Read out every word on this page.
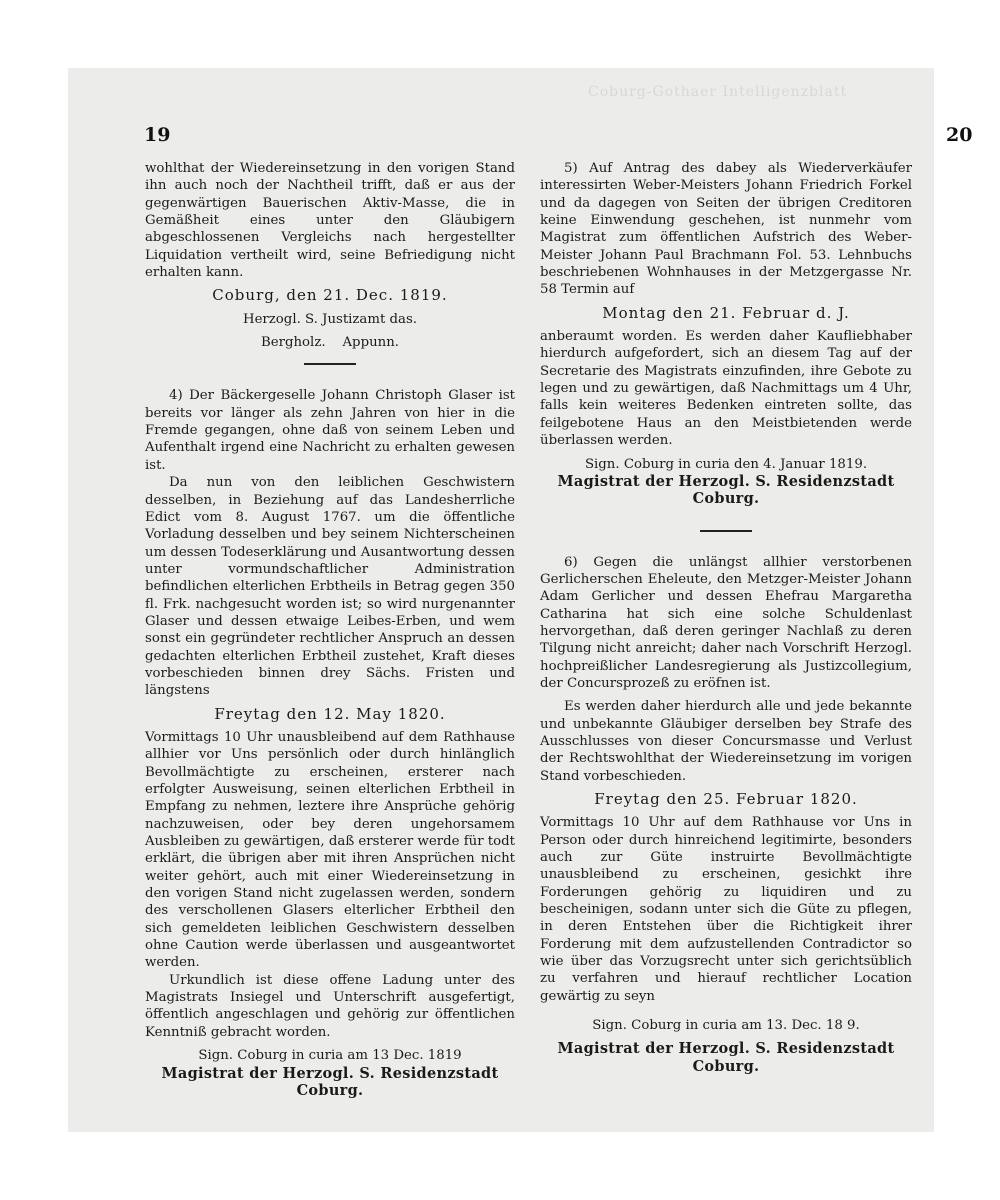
Coburg-Gothaer Intelligenzblatt
19	20

wohlthat der Wiedereinsetzung in den vorigen Stand ihn auch noch der Nachtheil trifft, daß er aus der gegenwärtigen Bauerischen Aktiv-Masse, die in Gemäßheit eines unter den Gläubigern abgeschlossenen Vergleichs nach hergestellter Liquidation vertheilt wird, seine Befriedigung nicht erhalten kann.

Coburg, den 21. Dec. 1819.

Herzogl. S. Justizamt das.

Bergholz.    Appunn.

4) Der Bäckergeselle Johann Christoph Glaser ist bereits vor länger als zehn Jahren von hier in die Fremde gegangen, ohne daß von seinem Leben und Aufenthalt irgend eine Nachricht zu erhalten gewesen ist.

Da nun von den leiblichen Geschwistern desselben, in Beziehung auf das Landesherrliche Edict vom 8. August 1767. um die öffentliche Vorladung desselben und bey seinem Nichterscheinen um dessen Todeserklärung und Ausantwortung dessen unter vormundschaftlicher Administration befindlichen elterlichen Erbtheils in Betrag gegen 350 fl. Frk. nachgesucht worden ist; so wird nurgenannter Glaser und dessen etwaige Leibes-Erben, und wem sonst ein gegründeter rechtlicher Anspruch an dessen gedachten elterlichen Erbtheil zustehet, Kraft dieses vorbeschieden binnen drey Sächs. Fristen und längstens

Freytag den 12. May 1820.

Vormittags 10 Uhr unausbleibend auf dem Rathhause allhier vor Uns persönlich oder durch hinlänglich Bevollmächtigte zu erscheinen, ersterer nach erfolgter Ausweisung, seinen elterlichen Erbtheil in Empfang zu nehmen, leztere ihre Ansprüche gehörig nachzuweisen, oder bey deren ungehorsamem Ausbleiben zu gewärtigen, daß ersterer werde für todt erklärt, die übrigen aber mit ihren Ansprüchen nicht weiter gehört, auch mit einer Wiedereinsetzung in den vorigen Stand nicht zugelassen werden, sondern des verschollenen Glasers elterlicher Erbtheil den sich gemeldeten leiblichen Geschwistern desselben ohne Caution werde überlassen und ausgeantwortet werden.

Urkundlich ist diese offene Ladung unter des Magistrats Insiegel und Unterschrift ausgefertigt, öffentlich angeschlagen und gehörig zur öffentlichen Kenntniß gebracht worden.

Sign. Coburg in curia am 13 Dec. 1819

Magistrat der Herzogl. S. Residenzstadt Coburg.

5) Auf Antrag des dabey als Wiederverkäufer interessirten Weber-Meisters Johann Friedrich Forkel und da dagegen von Seiten der übrigen Creditoren keine Einwendung geschehen, ist nunmehr vom Magistrat zum öffentlichen Aufstrich des Weber-Meister Johann Paul Brachmann Fol. 53. Lehnbuchs beschriebenen Wohnhauses in der Metzgergasse Nr. 58 Termin auf

Montag den 21. Februar d. J.

anberaumt worden. Es werden daher Kaufliebhaber hierdurch aufgefordert, sich an diesem Tag auf der Secretarie des Magistrats einzufinden, ihre Gebote zu legen und zu gewärtigen, daß Nachmittags um 4 Uhr, falls kein weiteres Bedenken eintreten sollte, das feilgebotene Haus an den Meistbietenden werde überlassen werden.

Sign. Coburg in curia den 4. Januar 1819.

Magistrat der Herzogl. S. Residenzstadt Coburg.

6) Gegen die unlängst allhier verstorbenen Gerlicherschen Eheleute, den Metzger-Meister Johann Adam Gerlicher und dessen Ehefrau Margaretha Catharina hat sich eine solche Schuldenlast hervorgethan, daß deren geringer Nachlaß zu deren Tilgung nicht anreicht; daher nach Vorschrift Herzogl. hochpreißlicher Landesregierung als Justizcollegium, der Concursprozeß zu eröfnen ist.

Es werden daher hierdurch alle und jede bekannte und unbekannte Gläubiger derselben bey Strafe des Ausschlusses von dieser Concursmasse und Verlust der Rechtswohlthat der Wiedereinsetzung im vorigen Stand vorbeschieden.

Freytag den 25. Februar 1820.

Vormittags 10 Uhr auf dem Rathhause vor Uns in Person oder durch hinreichend legitimirte, besonders auch zur Güte instruirte Bevollmächtigte unausbleibend zu erscheinen, gesichkt ihre Forderungen gehörig zu liquidiren und zu bescheinigen, sodann unter sich die Güte zu pflegen, in deren Entstehen über die Richtigkeit ihrer Forderung mit dem aufzustellenden Contradictor so wie über das Vorzugsrecht unter sich gerichtsüblich zu verfahren und hierauf rechtlicher Location gewärtig zu seyn

Sign. Coburg in curia am 13. Dec. 18 9.

Magistrat der Herzogl. S. Residenzstadt Coburg.
